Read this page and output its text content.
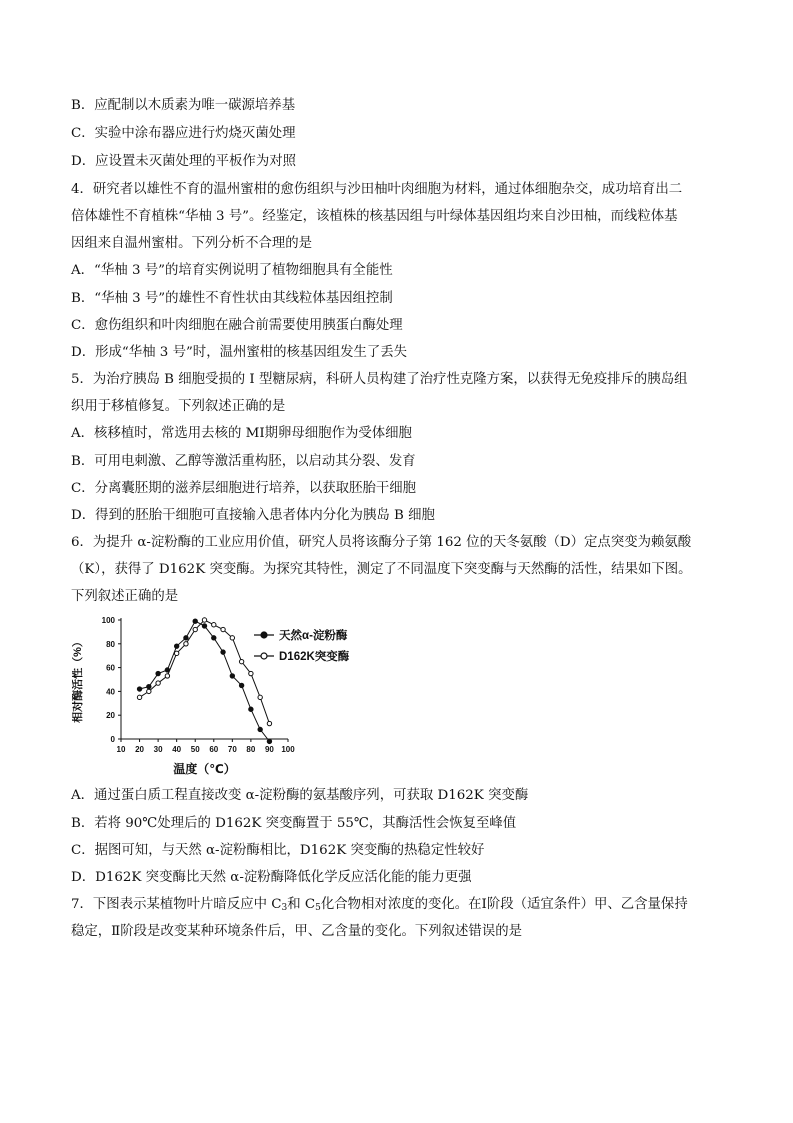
B．应配制以木质素为唯一碳源培养基
C．实验中涂布器应进行灼烧灭菌处理
D．应设置未灭菌处理的平板作为对照
4．研究者以雄性不育的温州蜜柑的愈伤组织与沙田柚叶肉细胞为材料，通过体细胞杂交，成功培育出二
倍体雄性不育植株“华柚 3 号”。经鉴定，该植株的核基因组与叶绿体基因组均来自沙田柚，而线粒体基
因组来自温州蜜柑。下列分析不合理的是
A．“华柚 3 号”的培育实例说明了植物细胞具有全能性
B．“华柚 3 号”的雄性不育性状由其线粒体基因组控制
C．愈伤组织和叶肉细胞在融合前需要使用胰蛋白酶处理
D．形成“华柚 3 号”时，温州蜜柑的核基因组发生了丢失
5．为治疗胰岛 B 细胞受损的 I 型糖尿病，科研人员构建了治疗性克隆方案，以获得无免疫排斥的胰岛组
织用于移植修复。下列叙述正确的是
A．核移植时，常选用去核的 MⅠ期卵母细胞作为受体细胞
B．可用电刺激、乙醇等激活重构胚，以启动其分裂、发育
C．分离囊胚期的滋养层细胞进行培养，以获取胚胎干细胞
D．得到的胚胎干细胞可直接输入患者体内分化为胰岛 B 细胞
6．为提升 α-淀粉酶的工业应用价值，研究人员将该酶分子第 162 位的天冬氨酸（D）定点突变为赖氨酸
（K），获得了 D162K 突变酶。为探究其特性，测定了不同温度下突变酶与天然酶的活性，结果如下图。
下列叙述正确的是
A．通过蛋白质工程直接改变 α-淀粉酶的氨基酸序列，可获取 D162K 突变酶
B．若将 90℃处理后的 D162K 突变酶置于 55℃，其酶活性会恢复至峰值
C．据图可知，与天然 α-淀粉酶相比，D162K 突变酶的热稳定性较好
D．D162K 突变酶比天然 α-淀粉酶降低化学反应活化能的能力更强
7．下图表示某植物叶片暗反应中 $C_3$和 $C_5$化合物相对浓度的变化。在Ⅰ阶段（适宜条件）甲、乙含量保持
稳定，Ⅱ阶段是改变某种环境条件后，甲、乙含量的变化。下列叙述错误的是
0
20
40
60
80
100
10 20 30 40 50 60 70 80 90 100
相对酶活性（%）
温度（℃）
天然α-淀粉酶
D162K突变酶
